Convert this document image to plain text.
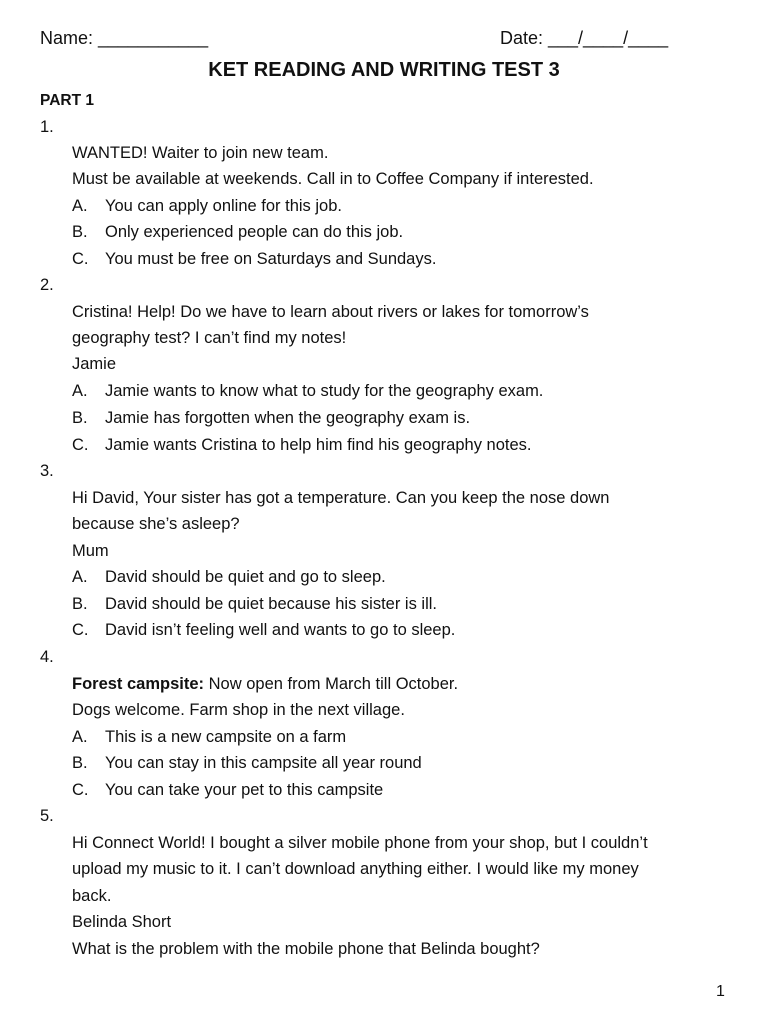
Name: ___________	Date: ___/____/____
KET READING AND WRITING TEST 3
PART 1
1.
WANTED! Waiter to join new team.
Must be available at weekends. Call in to Coffee Company if interested.
A. You can apply online for this job.
B. Only experienced people can do this job.
C. You must be free on Saturdays and Sundays.
2.
Cristina! Help! Do we have to learn about rivers or lakes for tomorrow’s
geography test? I can’t find my notes!
Jamie
A. Jamie wants to know what to study for the geography exam.
B. Jamie has forgotten when the geography exam is.
C. Jamie wants Cristina to help him find his geography notes.
3.
Hi David, Your sister has got a temperature. Can you keep the nose down
because she’s asleep?
Mum
A. David should be quiet and go to sleep.
B. David should be quiet because his sister is ill.
C. David isn’t feeling well and wants to go to sleep.
4.
Forest campsite: Now open from March till October.
Dogs welcome. Farm shop in the next village.
A. This is a new campsite on a farm
B. You can stay in this campsite all year round
C. You can take your pet to this campsite
5.
Hi Connect World! I bought a silver mobile phone from your shop, but I couldn’t
upload my music to it. I can’t download anything either. I would like my money
back.
Belinda Short
What is the problem with the mobile phone that Belinda bought?
1
